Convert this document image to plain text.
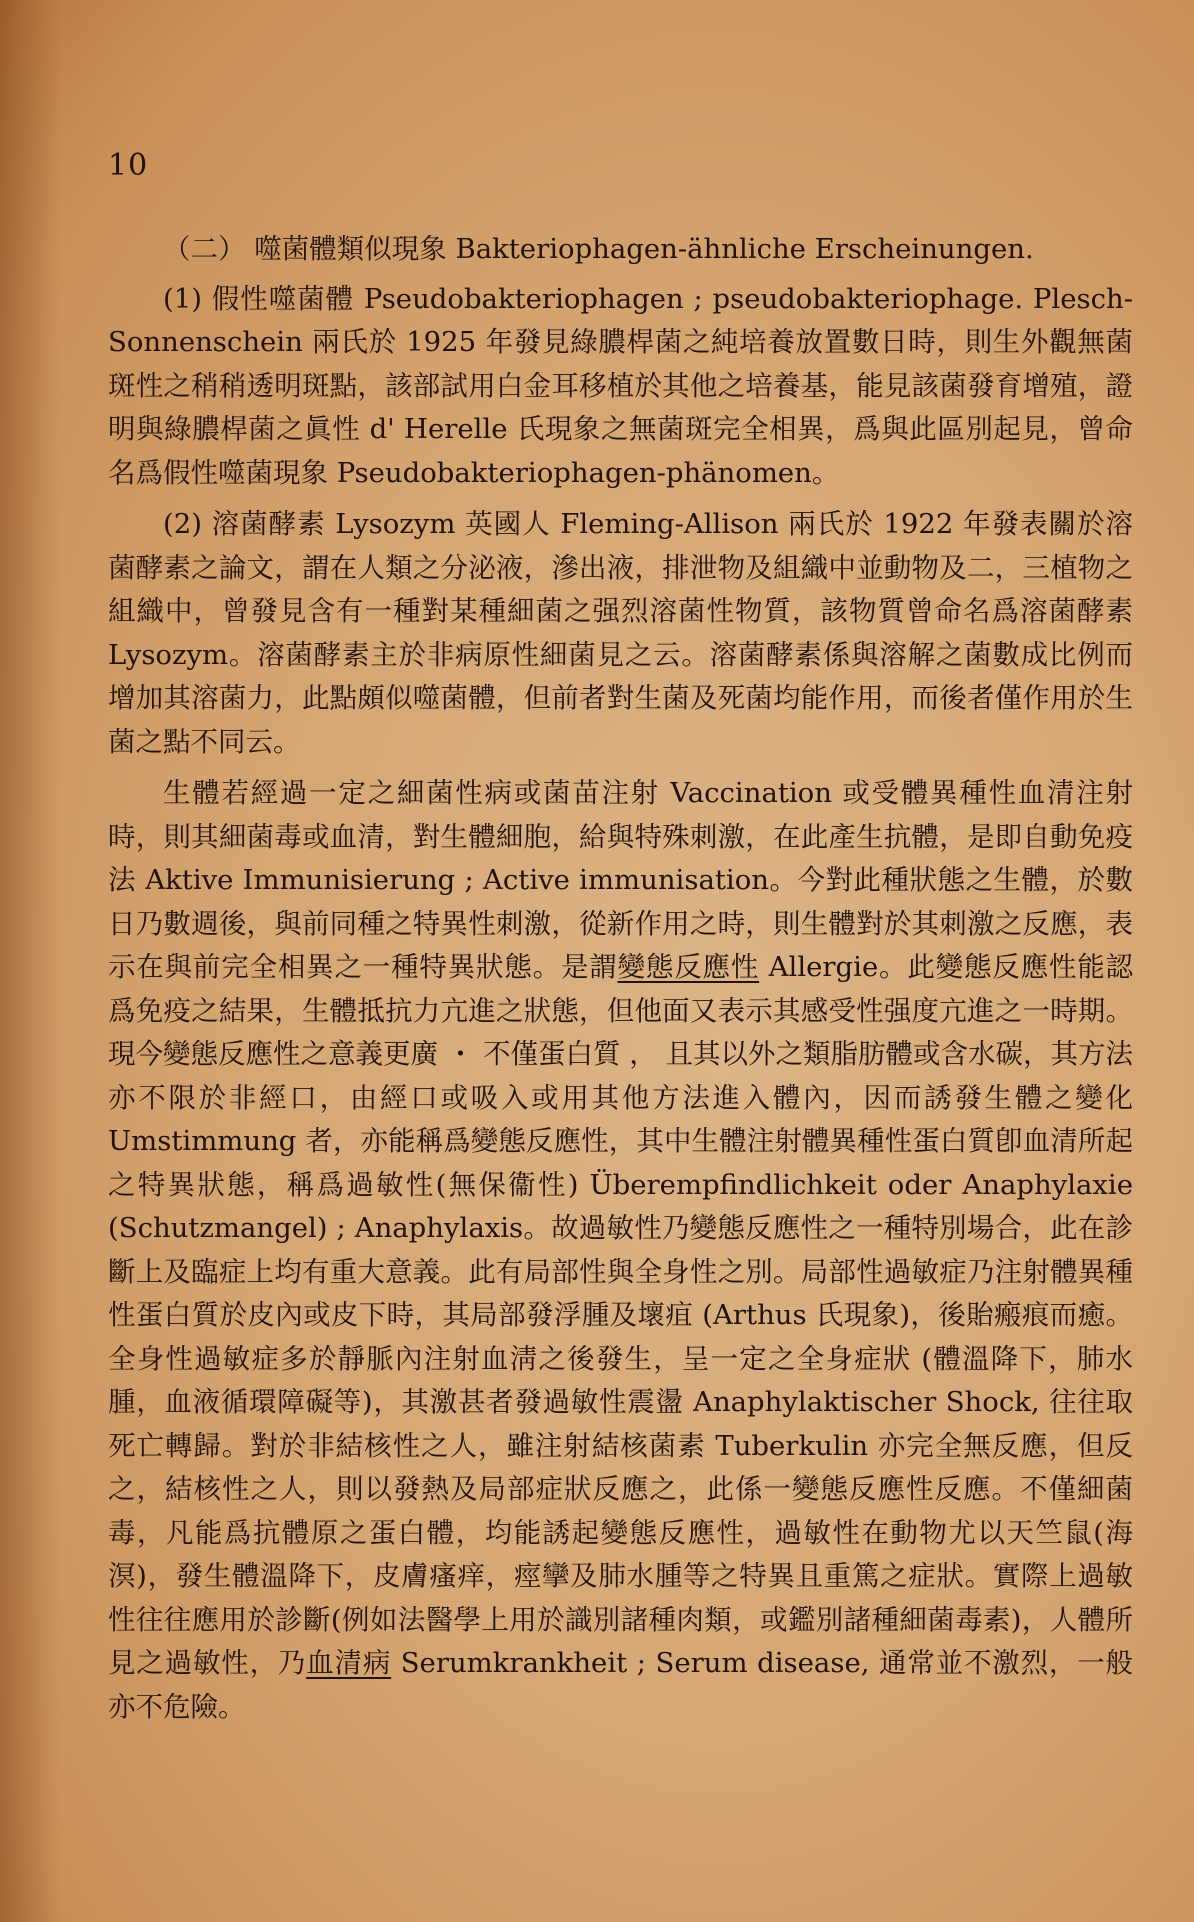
10

（二） 噬菌體類似現象 Bakteriophagen-ähnliche Erscheinungen.

(1) 假性噬菌體 Pseudobakteriophagen ; pseudobakteriophage. Plesch-Sonnenschein 兩氏於 1925 年發見綠膿桿菌之純培養放置數日時，則生外觀無菌斑性之稍稍透明斑點，該部試用白金耳移植於其他之培養基，能見該菌發育增殖，證明與綠膿桿菌之眞性 d' Herelle 氏現象之無菌斑完全相異，爲與此區別起見，曾命名爲假性噬菌現象 Pseudobakteriophagen-phänomen。

(2) 溶菌酵素 Lysozym 英國人 Fleming-Allison 兩氏於 1922 年發表關於溶菌酵素之論文，謂在人類之分泌液，滲出液，排泄物及組織中並動物及二，三植物之組織中，曾發見含有一種對某種細菌之强烈溶菌性物質，該物質曾命名爲溶菌酵素 Lysozym。溶菌酵素主於非病原性細菌見之云。溶菌酵素係與溶解之菌數成比例而增加其溶菌力，此點頗似噬菌體，但前者對生菌及死菌均能作用，而後者僅作用於生菌之點不同云。

生體若經過一定之細菌性病或菌苗注射 Vaccination 或受體異種性血清注射時，則其細菌毒或血清，對生體細胞，給與特殊刺激，在此產生抗體，是即自動免疫法 Aktive Immunisierung ; Active immunisation。今對此種狀態之生體，於數日乃數週後，與前同種之特異性刺激，從新作用之時，則生體對於其刺激之反應，表示在與前完全相異之一種特異狀態。是謂變態反應性 Allergie。此變態反應性能認爲免疫之結果，生體抵抗力亢進之狀態，但他面又表示其感受性强度亢進之一時期。現今變態反應性之意義更廣 ・ 不僅蛋白質 ， 且其以外之類脂肪體或含水碳，其方法亦不限於非經口，由經口或吸入或用其他方法進入體內，因而誘發生體之變化 Umstimmung 者，亦能稱爲變態反應性，其中生體注射體異種性蛋白質卽血清所起之特異狀態，稱爲過敏性(無保衞性) Überempfindlichkeit oder Anaphylaxie (Schutzmangel) ; Anaphylaxis。故過敏性乃變態反應性之一種特別場合，此在診斷上及臨症上均有重大意義。此有局部性與全身性之別。局部性過敏症乃注射體異種性蛋白質於皮內或皮下時，其局部發浮腫及壞疽 (Arthus 氏現象)，後貽瘢痕而癒。全身性過敏症多於靜脈內注射血淸之後發生，呈一定之全身症狀 (體溫降下，肺水腫，血液循環障礙等)，其激甚者發過敏性震盪 Anaphylaktischer Shock, 往往取死亡轉歸。對於非結核性之人，雖注射結核菌素 Tuberkulin 亦完全無反應，但反之，結核性之人，則以發熱及局部症狀反應之，此係一變態反應性反應。不僅細菌毒，凡能爲抗體原之蛋白體，均能誘起變態反應性，過敏性在動物尤以天竺鼠(海溟)，發生體溫降下，皮膚瘙痒，痙攣及肺水腫等之特異且重篤之症狀。實際上過敏性往往應用於診斷(例如法醫學上用於識別諸種肉類，或鑑別諸種細菌毒素)，人體所見之過敏性，乃血清病 Serumkrankheit ; Serum disease, 通常並不激烈，一般亦不危險。
